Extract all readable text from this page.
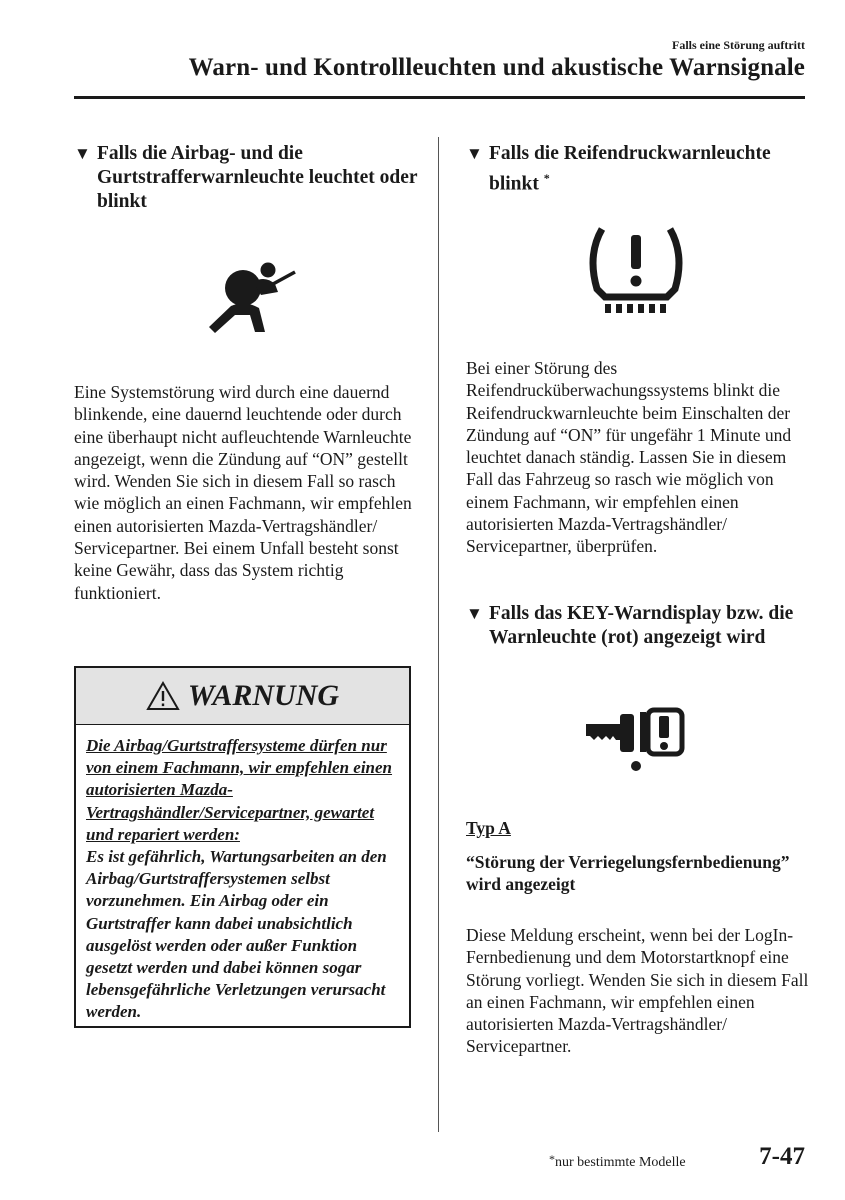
Falls eine Störung auftritt
Warn- und Kontrollleuchten und akustische Warnsignale
▼ Falls die Airbag- und die Gurtstrafferwarnleuchte leuchtet oder blinkt

Eine Systemstörung wird durch eine dauernd blinkende, eine dauernd leuchtende oder durch eine überhaupt nicht aufleuchtende Warnleuchte angezeigt, wenn die Zündung auf “ON” gestellt wird. Wenden Sie sich in diesem Fall so rasch wie möglich an einen Fachmann, wir empfehlen einen autorisierten Mazda-Vertragshändler/ Servicepartner. Bei einem Unfall besteht sonst keine Gewähr, dass das System richtig funktioniert.

WARNUNG
Die Airbag/Gurtstraffersysteme dürfen nur von einem Fachmann, wir empfehlen einen autorisierten Mazda-Vertragshändler/Servicepartner, gewartet und repariert werden:
Es ist gefährlich, Wartungsarbeiten an den Airbag/Gurtstraffersystemen selbst vorzunehmen. Ein Airbag oder ein Gurtstraffer kann dabei unabsichtlich ausgelöst werden oder außer Funktion gesetzt werden und dabei können sogar lebensgefährliche Verletzungen verursacht werden.
▼ Falls die Reifendruckwarnleuchte blinkt *

Bei einer Störung des Reifendrucküberwachungssystems blinkt die Reifendruckwarnleuchte beim Einschalten der Zündung auf “ON” für ungefähr 1 Minute und leuchtet danach ständig. Lassen Sie in diesem Fall das Fahrzeug so rasch wie möglich von einem Fachmann, wir empfehlen einen autorisierten Mazda-Vertragshändler/ Servicepartner, überprüfen.

▼ Falls das KEY-Warndisplay bzw. die Warnleuchte (rot) angezeigt wird
Typ A
“Störung der Verriegelungsfernbedienung” wird angezeigt

Diese Meldung erscheint, wenn bei der LogIn-Fernbedienung und dem Motorstartknopf eine Störung vorliegt. Wenden Sie sich in diesem Fall an einen Fachmann, wir empfehlen einen autorisierten Mazda-Vertragshändler/ Servicepartner.

*nur bestimmte Modelle	7-47
